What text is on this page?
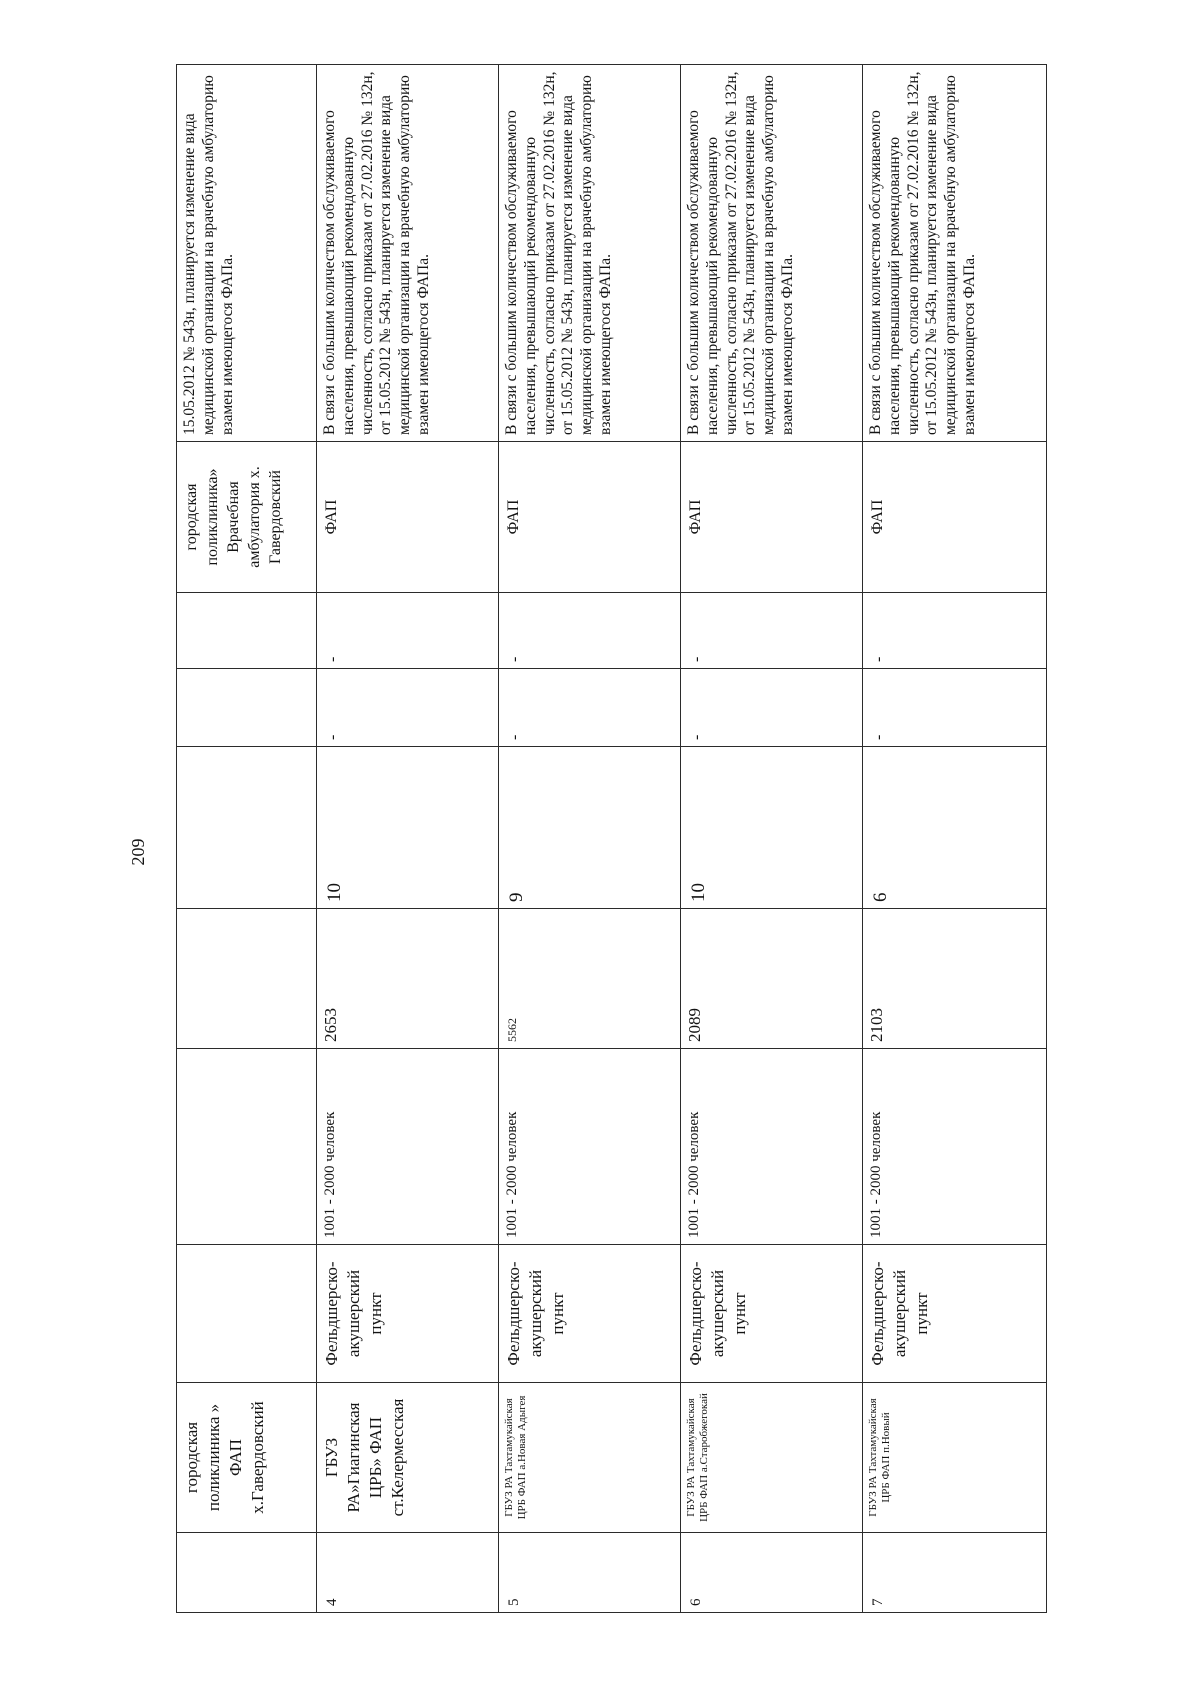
209
	городская поликлиника » ФАП х.Гавердовский							городская поликлиника» Врачебная амбулатория х. Гавердовский	15.05.2012 № 543н, планируется изменение вида медицинской организации на врачебную амбулаторию взамен имеющегося ФАПа.
4	ГБУЗ РА»Гиагинская ЦРБ» ФАП ст.Келермесская	Фельдшерско-акушерский пункт	1001 - 2000 человек	2653	10	-	-	ФАП	В связи с большим количеством обслуживаемого населения, превышающий рекомендованную численность, согласно приказам от 27.02.2016 № 132н, от 15.05.2012 № 543н, планируется изменение вида медицинской организации на врачебную амбулаторию взамен имеющегося ФАПа.
5	ГБУЗ РА Тахтамукайская ЦРБ ФАП а.Новая Адыгея	Фельдшерско-акушерский пункт	1001 - 2000 человек	5562	9	-	-	ФАП	В связи с большим количеством обслуживаемого населения, превышающий рекомендованную численность, согласно приказам от 27.02.2016 № 132н, от 15.05.2012 № 543н, планируется изменение вида медицинской организации на врачебную амбулаторию взамен имеющегося ФАПа.
6	ГБУЗ РА Тахтамукайская ЦРБ ФАП а.Старобжегокай	Фельдшерско-акушерский пункт	1001 - 2000 человек	2089	10	-	-	ФАП	В связи с большим количеством обслуживаемого населения, превышающий рекомендованную численность, согласно приказам от 27.02.2016 № 132н, от 15.05.2012 № 543н, планируется изменение вида медицинской организации на врачебную амбулаторию взамен имеющегося ФАПа.
7	ГБУЗ РА Тахтамукайская ЦРБ ФАП п.Новый	Фельдшерско-акушерский пункт	1001 - 2000 человек	2103	6	-	-	ФАП	В связи с большим количеством обслуживаемого населения, превышающий рекомендованную численность, согласно приказам от 27.02.2016 № 132н, от 15.05.2012 № 543н, планируется изменение вида медицинской организации на врачебную амбулаторию взамен имеющегося ФАПа.
